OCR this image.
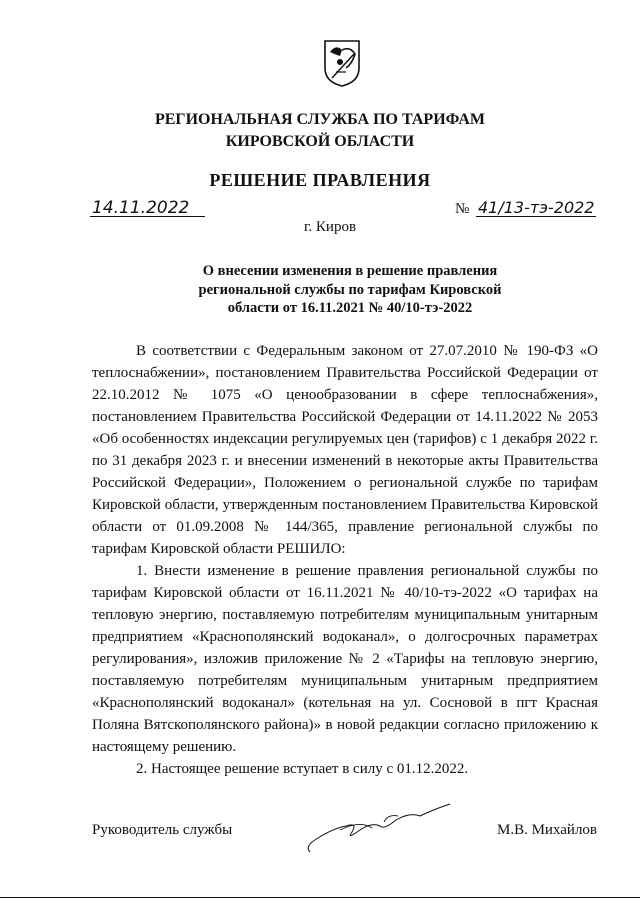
РЕГИОНАЛЬНАЯ СЛУЖБА ПО ТАРИФАМ
КИРОВСКОЙ ОБЛАСТИ
РЕШЕНИЕ ПРАВЛЕНИЯ
14.11.2022	№ 41/13-тэ-2022
г. Киров
О внесении изменения в решение правления региональной службы по тарифам Кировской области от 16.11.2021 № 40/10-тэ-2022

В соответствии с Федеральным законом от 27.07.2010 № 190-ФЗ «О теплоснабжении», постановлением Правительства Российской Федерации от 22.10.2012 № 1075 «О ценообразовании в сфере теплоснабжения», постановлением Правительства Российской Федерации от 14.11.2022 № 2053 «Об особенностях индексации регулируемых цен (тарифов) с 1 декабря 2022 г. по 31 декабря 2023 г. и внесении изменений в некоторые акты Правительства Российской Федерации», Положением о региональной службе по тарифам Кировской области, утвержденным постановлением Правительства Кировской области от 01.09.2008 № 144/365, правление региональной службы по тарифам Кировской области РЕШИЛО:

1. Внести изменение в решение правления региональной службы по тарифам Кировской области от 16.11.2021 № 40/10-тэ-2022 «О тарифах на тепловую энергию, поставляемую потребителям муниципальным унитарным предприятием «Краснополянский водоканал», о долгосрочных параметрах регулирования», изложив приложение № 2 «Тарифы на тепловую энергию, поставляемую потребителям муниципальным унитарным предприятием «Краснополянский водоканал» (котельная на ул. Сосновой в пгт Красная Поляна Вятскополянского района)» в новой редакции согласно приложению к настоящему решению.

2. Настоящее решение вступает в силу с 01.12.2022.

Руководитель службы	М.В. Михайлов
